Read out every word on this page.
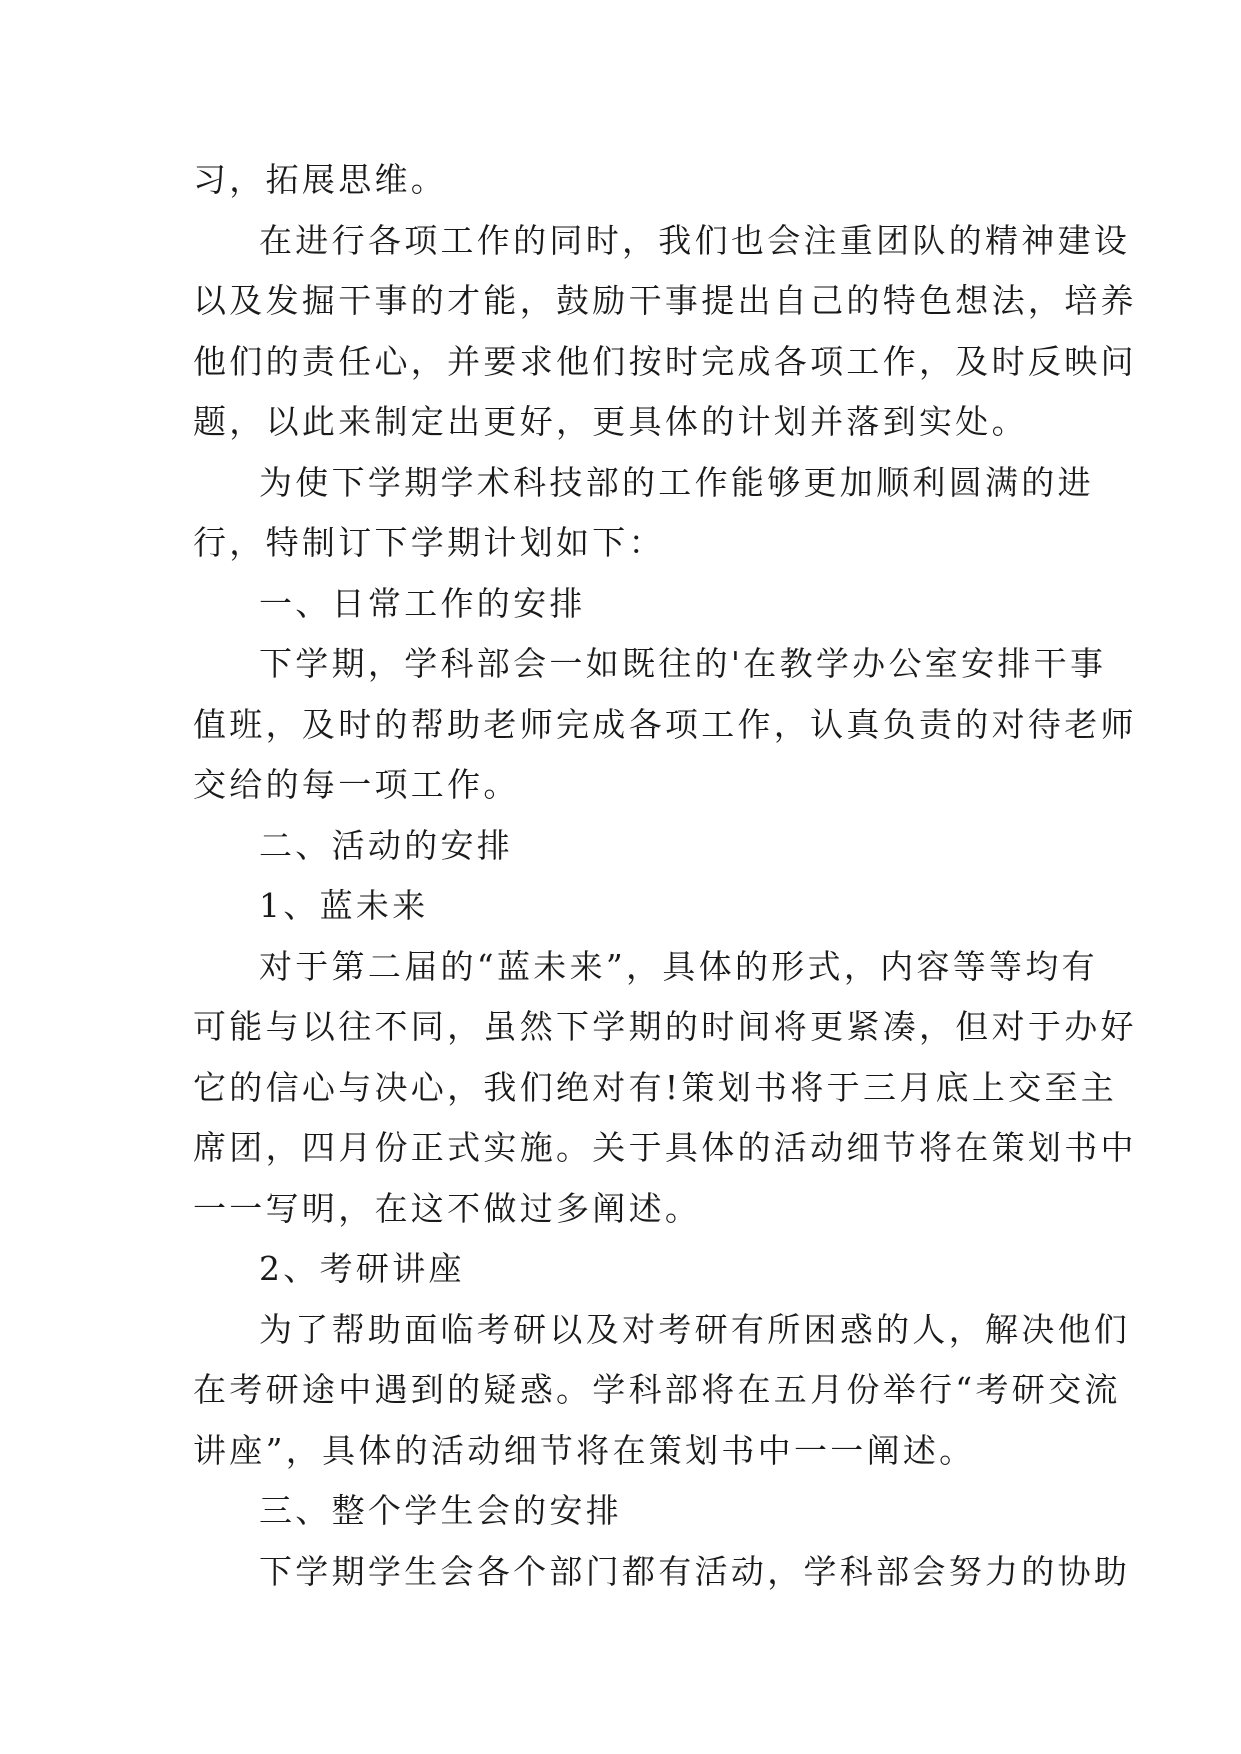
习，拓展思维。
在进行各项工作的同时，我们也会注重团队的精神建设
以及发掘干事的才能，鼓励干事提出自己的特色想法，培养
他们的责任心，并要求他们按时完成各项工作，及时反映问
题，以此来制定出更好，更具体的计划并落到实处。
为使下学期学术科技部的工作能够更加顺利圆满的进
行，特制订下学期计划如下：
一、日常工作的安排
下学期，学科部会一如既往的'在教学办公室安排干事
值班，及时的帮助老师完成各项工作，认真负责的对待老师
交给的每一项工作。
二、活动的安排
1、蓝未来
对于第二届的“蓝未来”，具体的形式，内容等等均有
可能与以往不同，虽然下学期的时间将更紧凑，但对于办好
它的信心与决心，我们绝对有!策划书将于三月底上交至主
席团，四月份正式实施。关于具体的活动细节将在策划书中
一一写明，在这不做过多阐述。
2、考研讲座
为了帮助面临考研以及对考研有所困惑的人，解决他们
在考研途中遇到的疑惑。学科部将在五月份举行“考研交流
讲座”，具体的活动细节将在策划书中一一阐述。
三、整个学生会的安排
下学期学生会各个部门都有活动，学科部会努力的协助
